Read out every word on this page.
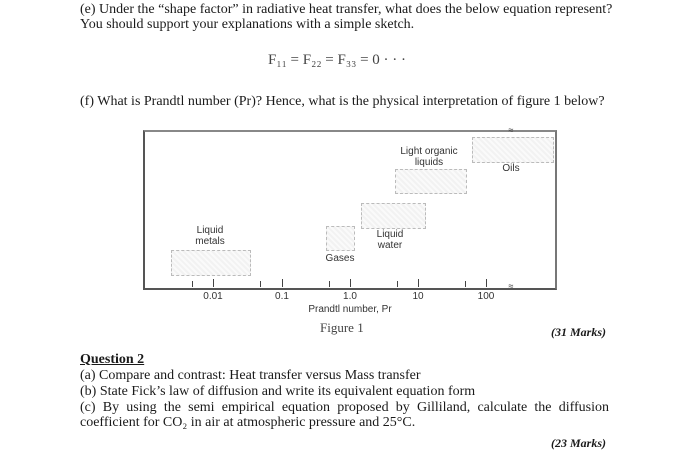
(e) Under the “shape factor” in radiative heat transfer, what does the below equation represent?
You should support your explanations with a simple sketch.
F₁₁ = F₂₂ = F₃₃ = 0 · · ·
(f) What is Prandtl number (Pr)? Hence, what is the physical interpretation of figure 1 below?
Liquid
metals
Gases
Liquid
water
Light organic
liquids
Oils
0.01	0.1	1.0	10	100
Prandtl number, Pr
≈
≈
Figure 1	(31 Marks)
Question 2
(a) Compare and contrast: Heat transfer versus Mass transfer
(b) State Fick’s law of diffusion and write its equivalent equation form
(c) By using the semi empirical equation proposed by Gilliland, calculate the diffusion
coefficient for CO₂ in air at atmospheric pressure and 25°C.
(23 Marks)
